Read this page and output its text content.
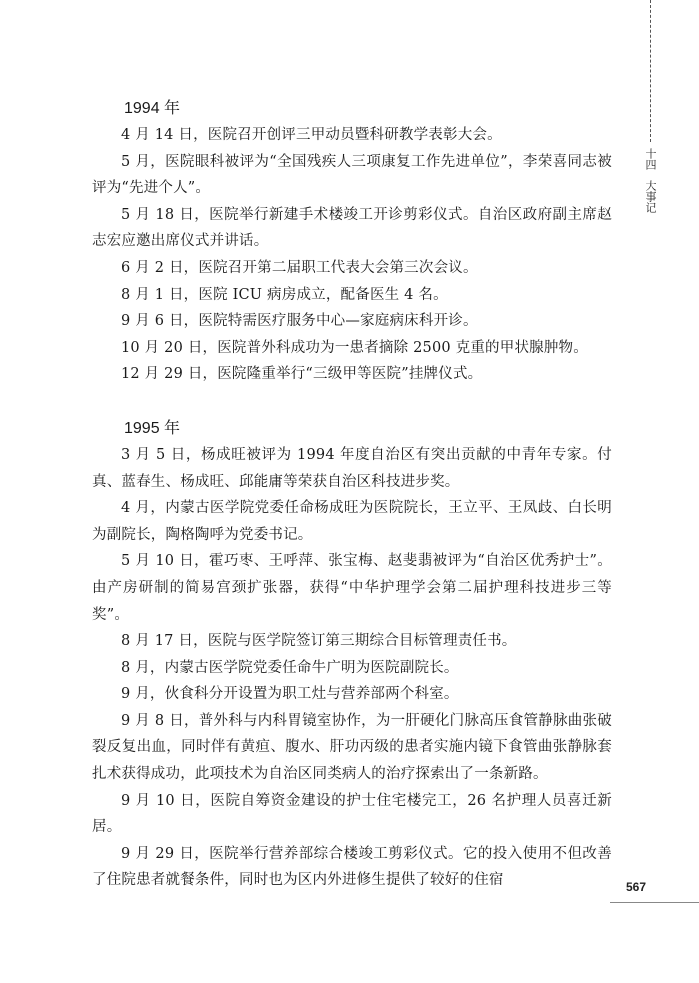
十四
大事记
1994 年

4 月 14 日，医院召开创评三甲动员暨科研教学表彰大会。

5 月，医院眼科被评为“全国残疾人三项康复工作先进单位”，李荣喜同志被评为“先进个人”。

5 月 18 日，医院举行新建手术楼竣工开诊剪彩仪式。自治区政府副主席赵志宏应邀出席仪式并讲话。

6 月 2 日，医院召开第二届职工代表大会第三次会议。

8 月 1 日，医院 ICU 病房成立，配备医生 4 名。

9 月 6 日，医院特需医疗服务中心—家庭病床科开诊。

10 月 20 日，医院普外科成功为一患者摘除 2500 克重的甲状腺肿物。

12 月 29 日，医院隆重举行“三级甲等医院”挂牌仪式。

1995 年

3 月 5 日，杨成旺被评为 1994 年度自治区有突出贡献的中青年专家。付真、蓝春生、杨成旺、邱能庸等荣获自治区科技进步奖。

4 月，内蒙古医学院党委任命杨成旺为医院院长，王立平、王凤歧、白长明为副院长，陶格陶呼为党委书记。

5 月 10 日，霍巧枣、王呼萍、张宝梅、赵斐翡被评为“自治区优秀护士”。由产房研制的简易宫颈扩张器，获得“中华护理学会第二届护理科技进步三等奖”。

8 月 17 日，医院与医学院签订第三期综合目标管理责任书。

8 月，内蒙古医学院党委任命牛广明为医院副院长。

9 月，伙食科分开设置为职工灶与营养部两个科室。

9 月 8 日，普外科与内科胃镜室协作，为一肝硬化门脉高压食管静脉曲张破裂反复出血，同时伴有黄疸、腹水、肝功丙级的患者实施内镜下食管曲张静脉套扎术获得成功，此项技术为自治区同类病人的治疗探索出了一条新路。

9 月 10 日，医院自筹资金建设的护士住宅楼完工，26 名护理人员喜迁新居。

9 月 29 日，医院举行营养部综合楼竣工剪彩仪式。它的投入使用不但改善了住院患者就餐条件，同时也为区内外进修生提供了较好的住宿	567
